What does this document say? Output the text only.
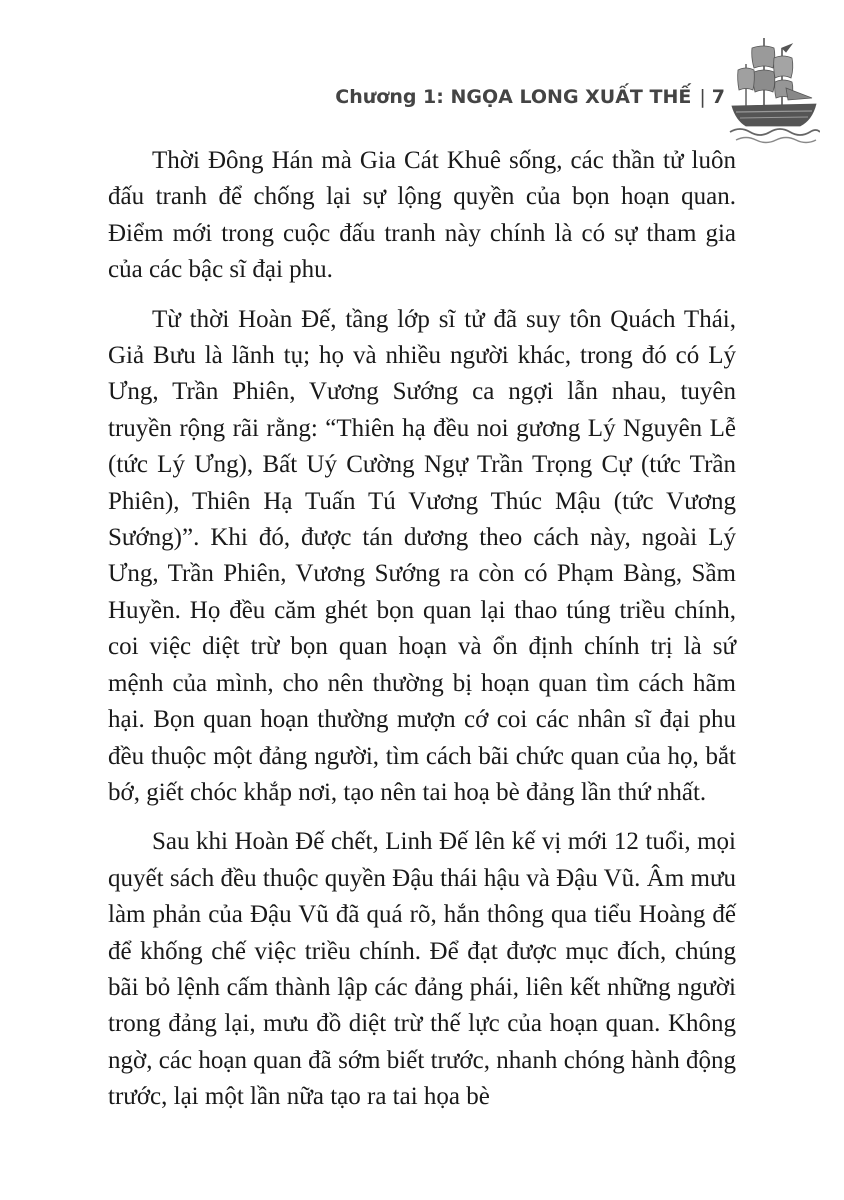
Chương 1: NGỌA LONG XUẤT THẾ | 7

Thời Đông Hán mà Gia Cát Khuê sống, các thần tử luôn đấu tranh để chống lại sự lộng quyền của bọn hoạn quan. Điểm mới trong cuộc đấu tranh này chính là có sự tham gia của các bậc sĩ đại phu.

Từ thời Hoàn Đế, tầng lớp sĩ tử đã suy tôn Quách Thái, Giả Bưu là lãnh tụ; họ và nhiều người khác, trong đó có Lý Ưng, Trần Phiên, Vương Sướng ca ngợi lẫn nhau, tuyên truyền rộng rãi rằng: “Thiên hạ đều noi gương Lý Nguyên Lễ (tức Lý Ưng), Bất Uý Cường Ngự Trần Trọng Cự (tức Trần Phiên), Thiên Hạ Tuấn Tú Vương Thúc Mậu (tức Vương Sướng)”. Khi đó, được tán dương theo cách này, ngoài Lý Ưng, Trần Phiên, Vương Sướng ra còn có Phạm Bàng, Sầm Huyền. Họ đều căm ghét bọn quan lại thao túng triều chính, coi việc diệt trừ bọn quan hoạn và ổn định chính trị là sứ mệnh của mình, cho nên thường bị hoạn quan tìm cách hãm hại. Bọn quan hoạn thường mượn cớ coi các nhân sĩ đại phu đều thuộc một đảng người, tìm cách bãi chức quan của họ, bắt bớ, giết chóc khắp nơi, tạo nên tai hoạ bè đảng lần thứ nhất.

Sau khi Hoàn Đế chết, Linh Đế lên kế vị mới 12 tuổi, mọi quyết sách đều thuộc quyền Đậu thái hậu và Đậu Vũ. Âm mưu làm phản của Đậu Vũ đã quá rõ, hắn thông qua tiểu Hoàng đế để khống chế việc triều chính. Để đạt được mục đích, chúng bãi bỏ lệnh cấm thành lập các đảng phái, liên kết những người trong đảng lại, mưu đồ diệt trừ thế lực của hoạn quan. Không ngờ, các hoạn quan đã sớm biết trước, nhanh chóng hành động trước, lại một lần nữa tạo ra tai họa bè
